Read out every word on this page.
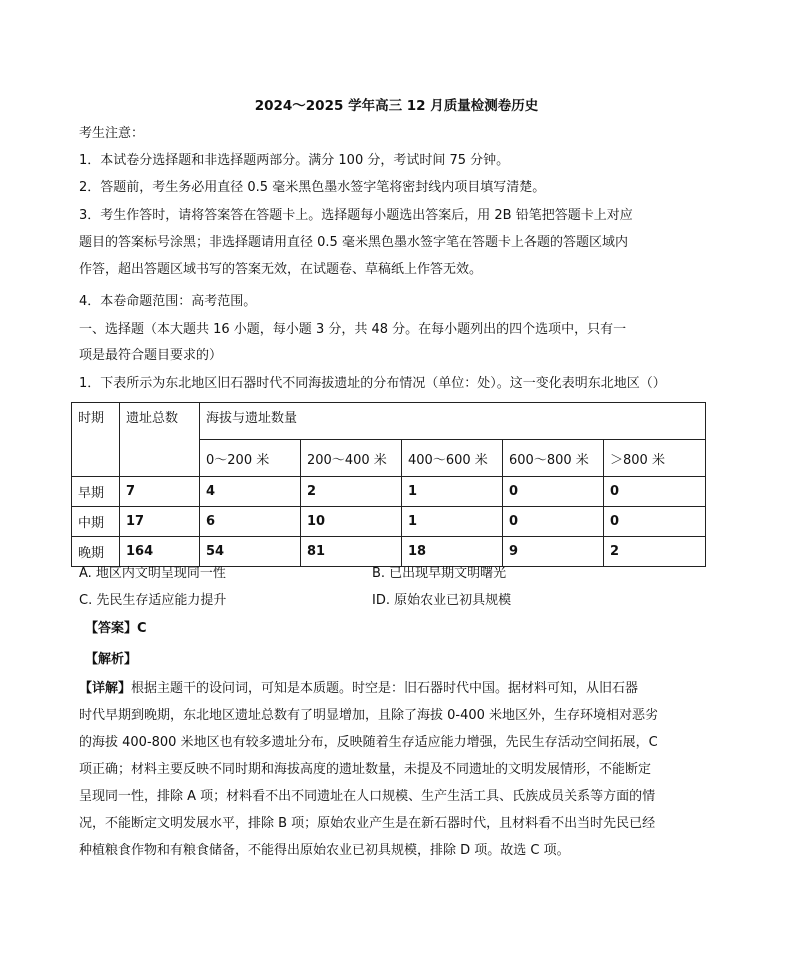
2024～2025 学年高三 12 月质量检测卷历史
考生注意：
1．本试卷分选择题和非选择题两部分。满分 100 分，考试时间 75 分钟。
2．答题前，考生务必用直径 0.5 毫米黑色墨水签字笔将密封线内项目填写清楚。
3．考生作答时，请将答案答在答题卡上。选择题每小题选出答案后，用 2B 铅笔把答题卡上对应
题目的答案标号涂黑；非选择题请用直径 0.5 毫米黑色墨水签字笔在答题卡上各题的答题区域内
作答，超出答题区域书写的答案无效，在试题卷、草稿纸上作答无效。
4．本卷命题范围：高考范围。
一、选择题（本大题共 16 小题，每小题 3 分，共 48 分。在每小题列出的四个选项中，只有一
项是最符合题目要求的）
1．下表所示为东北地区旧石器时代不同海拔遗址的分布情况（单位：处）。这一变化表明东北地区（）
时期	遗址总数	海拔与遗址数量				
		0～200 米	200～400 米	400～600 米	600～800 米	＞800 米
早期	7	4	2	1	0	0
中期	17	6	10	1	0	0
晚期	164	54	81	18	9	2
A. 地区内文明呈现同一性	B. 已出现早期文明曙光
C. 先民生存适应能力提升	ID. 原始农业已初具规模
【答案】C
【解析】
【详解】根据主题干的设问词，可知是本质题。时空是：旧石器时代中国。据材料可知，从旧石器
时代早期到晚期，东北地区遗址总数有了明显增加，且除了海拔 0-400 米地区外，生存环境相对恶劣
的海拔 400-800 米地区也有较多遗址分布，反映随着生存适应能力增强，先民生存活动空间拓展，C
项正确；材料主要反映不同时期和海拔高度的遗址数量，未提及不同遗址的文明发展情形，不能断定
呈现同一性，排除 A 项；材料看不出不同遗址在人口规模、生产生活工具、氏族成员关系等方面的情
况，不能断定文明发展水平，排除 B 项；原始农业产生是在新石器时代，且材料看不出当时先民已经
种植粮食作物和有粮食储备，不能得出原始农业已初具规模，排除 D 项。故选 C 项。
